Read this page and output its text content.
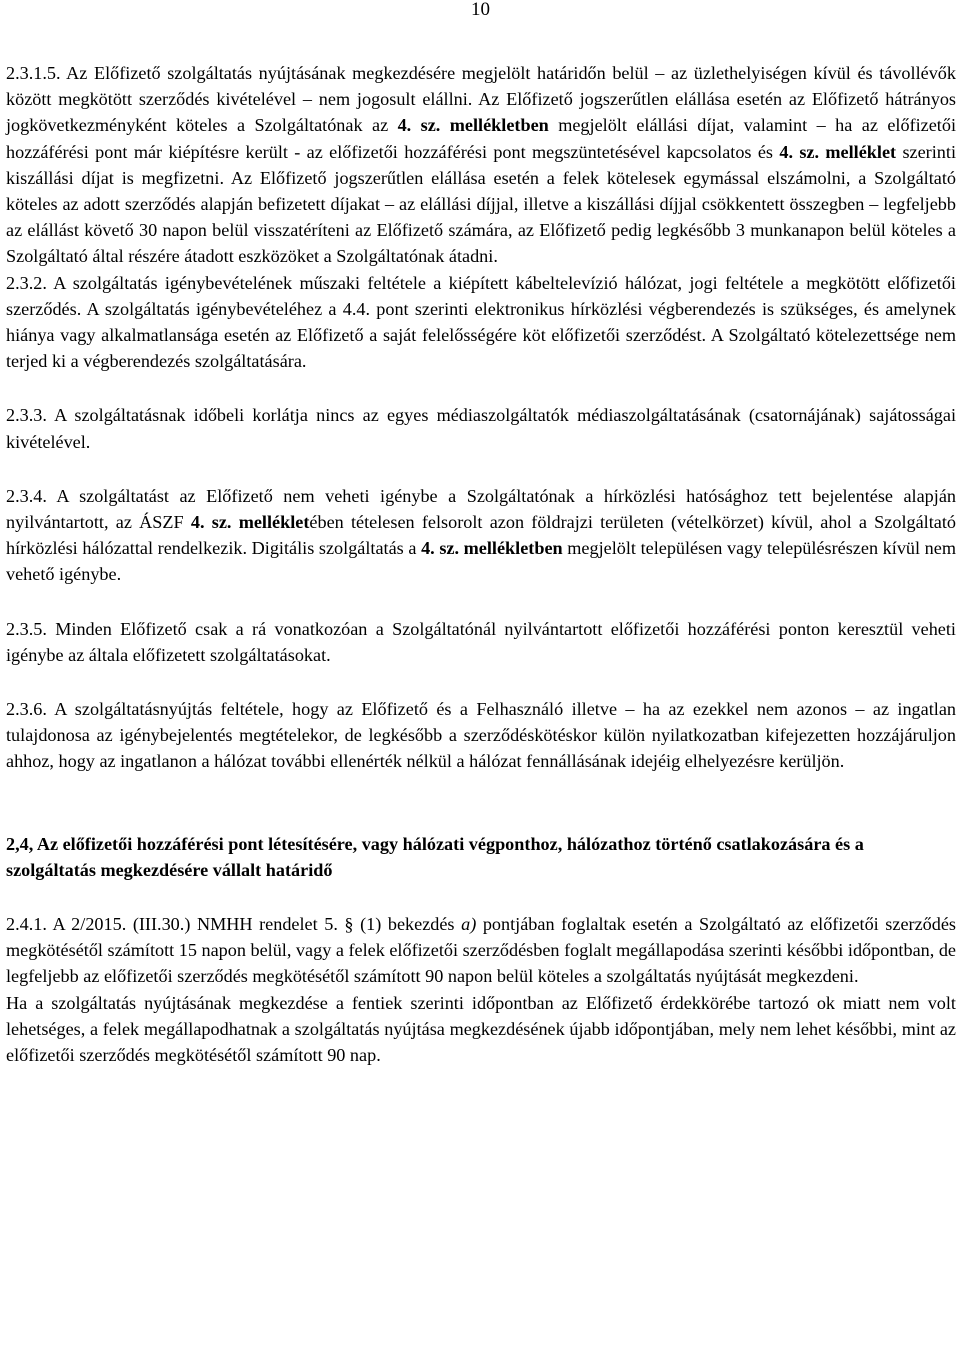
10

2.3.1.5. Az Előfizető szolgáltatás nyújtásának megkezdésére megjelölt határidőn belül – az üzlethelyiségen kívül és távollévők között megkötött szerződés kivételével – nem jogosult elállni. Az Előfizető jogszerűtlen elállása esetén az Előfizető hátrányos jogkövetkezményként köteles a Szolgáltatónak az 4. sz. mellékletben megjelölt elállási díjat, valamint – ha az előfizetői hozzáférési pont már kiépítésre került - az előfizetői hozzáférési pont megszüntetésével kapcsolatos és 4. sz. melléklet szerinti kiszállási díjat is megfizetni. Az Előfizető jogszerűtlen elállása esetén a felek kötelesek egymással elszámolni, a Szolgáltató köteles az adott szerződés alapján befizetett díjakat – az elállási díjjal, illetve a kiszállási díjjal csökkentett összegben – legfeljebb az elállást követő 30 napon belül visszatéríteni az Előfizető számára, az Előfizető pedig legkésőbb 3 munkanapon belül köteles a Szolgáltató által részére átadott eszközöket a Szolgáltatónak átadni.

2.3.2. A szolgáltatás igénybevételének műszaki feltétele a kiépített kábeltelevízió hálózat, jogi feltétele a megkötött előfizetői szerződés. A szolgáltatás igénybevételéhez a 4.4. pont szerinti elektronikus hírközlési végberendezés is szükséges, és amelynek hiánya vagy alkalmatlansága esetén az Előfizető a saját felelősségére köt előfizetői szerződést. A Szolgáltató kötelezettsége nem terjed ki a végberendezés szolgáltatására.

2.3.3. A szolgáltatásnak időbeli korlátja nincs az egyes médiaszolgáltatók médiaszolgáltatásának (csatornájának) sajátosságai kivételével.

2.3.4. A szolgáltatást az Előfizető nem veheti igénybe a Szolgáltatónak a hírközlési hatósághoz tett bejelentése alapján nyilvántartott, az ÁSZF 4. sz. mellékletében tételesen felsorolt azon földrajzi területen (vételkörzet) kívül, ahol a Szolgáltató hírközlési hálózattal rendelkezik. Digitális szolgáltatás a 4. sz. mellékletben megjelölt településen vagy településrészen kívül nem vehető igénybe.

2.3.5. Minden Előfizető csak a rá vonatkozóan a Szolgáltatónál nyilvántartott előfizetői hozzáférési ponton keresztül veheti igénybe az általa előfizetett szolgáltatásokat.

2.3.6. A szolgáltatásnyújtás feltétele, hogy az Előfizető és a Felhasználó illetve – ha az ezekkel nem azonos – az ingatlan tulajdonosa az igénybejelentés megtételekor, de legkésőbb a szerződéskötéskor külön nyilatkozatban kifejezetten hozzájáruljon ahhoz, hogy az ingatlanon a hálózat további ellenérték nélkül a hálózat fennállásának idejéig elhelyezésre kerüljön.

2,4, Az előfizetői hozzáférési pont létesítésére, vagy hálózati végponthoz, hálózathoz történő csatlakozására és a szolgáltatás megkezdésére vállalt határidő

2.4.1. A 2/2015. (III.30.) NMHH rendelet 5. § (1) bekezdés a) pontjában foglaltak esetén a Szolgáltató az előfizetői szerződés megkötésétől számított 15 napon belül, vagy a felek előfizetői szerződésben foglalt megállapodása szerinti későbbi időpontban, de legfeljebb az előfizetői szerződés megkötésétől számított 90 napon belül köteles a szolgáltatás nyújtását megkezdeni.

Ha a szolgáltatás nyújtásának megkezdése a fentiek szerinti időpontban az Előfizető érdekkörébe tartozó ok miatt nem volt lehetséges, a felek megállapodhatnak a szolgáltatás nyújtása megkezdésének újabb időpontjában, mely nem lehet későbbi, mint az előfizetői szerződés megkötésétől számított 90 nap.
